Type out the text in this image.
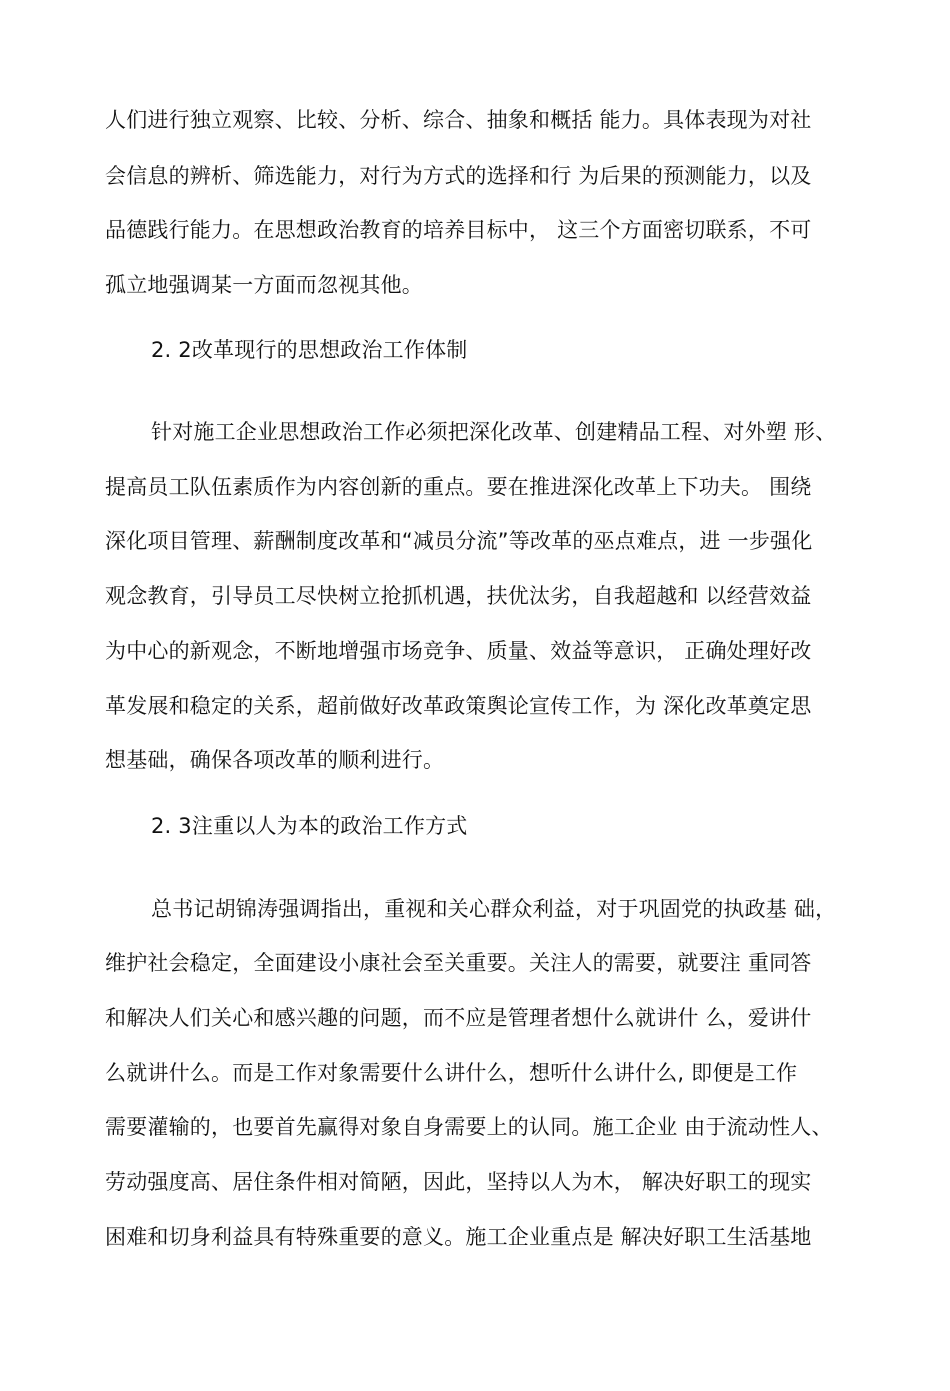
人们进行独立观察、比较、分析、综合、抽象和概括 能力。具体表现为对社
会信息的辨析、筛选能力，对行为方式的选择和行 为后果的预测能力，以及
品德践行能力。在思想政治教育的培养目标中， 这三个方面密切联系，不可
孤立地强调某一方面而忽视其他。
2. 2改革现行的思想政治工作体制
针对施工企业思想政治工作必须把深化改革、创建精品工程、对外塑 形、
提高员工队伍素质作为内容创新的重点。要在推进深化改革上下功夫。 围绕
深化项目管理、薪酬制度改革和“减员分流”等改革的巫点难点，进 一步强化
观念教育，引导员工尽快树立抢抓机遇，扶优汰劣，自我超越和 以经营效益
为中心的新观念，不断地增强市场竞争、质量、效益等意识， 正确处理好改
革发展和稳定的关系，超前做好改革政策舆论宣传工作，为 深化改革奠定思
想基础，确保各项改革的顺利进行。
2. 3注重以人为本的政治工作方式
总书记胡锦涛强调指出，重视和关心群众利益，对于巩固党的执政基 础，
维护社会稳定，全面建设小康社会至关重要。关注人的需要，就要注 重同答
和解决人们关心和感兴趣的问题，而不应是管理者想什么就讲什 么，爱讲什
么就讲什么。而是工作对象需要什么讲什么，想听什么讲什么, 即便是工作
需要灌输的，也要首先赢得对象自身需要上的认同。施工企业 由于流动性人、
劳动强度高、居住条件相对简陋，因此，坚持以人为木， 解决好职工的现实
困难和切身利益具有特殊重要的意义。施工企业重点是 解决好职工生活基地
